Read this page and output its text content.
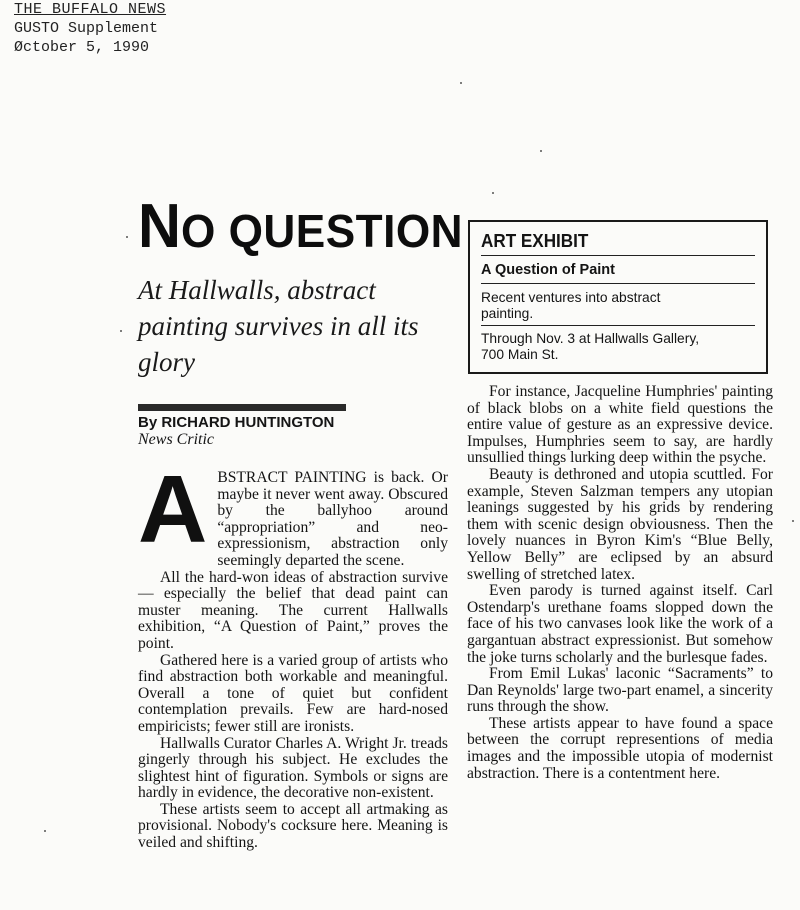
THE BUFFALO NEWS
GUSTO Supplement
Øctober 5, 1990
NO QUESTION
At Hallwalls, abstract painting survives in all its glory
By RICHARD HUNTINGTON
News Critic

ABSTRACT PAINTING is back. Or maybe it never went away. Obscured by the ballyhoo around “appropriation” and neo-expressionism, abstraction only seemingly departed the scene.

All the hard-won ideas of abstraction survive — especially the belief that dead paint can muster meaning. The current Hallwalls exhibition, “A Question of Paint,” proves the point.

Gathered here is a varied group of artists who find abstraction both workable and meaningful. Overall a tone of quiet but confident contemplation prevails. Few are hard-nosed empiricists; fewer still are ironists.

Hallwalls Curator Charles A. Wright Jr. treads gingerly through his subject. He excludes the slightest hint of figuration. Symbols or signs are hardly in evidence, the decorative non-existent.

These artists seem to accept all artmaking as provisional. Nobody's cocksure here. Meaning is veiled and shifting.

ART EXHIBIT
A Question of Paint
Recent ventures into abstract painting.
Through Nov. 3 at Hallwalls Gallery, 700 Main St.

For instance, Jacqueline Humphries' painting of black blobs on a white field questions the entire value of gesture as an expressive device. Impulses, Humphries seem to say, are hardly unsullied things lurking deep within the psyche.

Beauty is dethroned and utopia scuttled. For example, Steven Salzman tempers any utopian leanings suggested by his grids by rendering them with scenic design obviousness. Then the lovely nuances in Byron Kim's “Blue Belly, Yellow Belly” are eclipsed by an absurd swelling of stretched latex.

Even parody is turned against itself. Carl Ostendarp's urethane foams slopped down the face of his two canvases look like the work of a gargantuan abstract expressionist. But somehow the joke turns scholarly and the burlesque fades.

From Emil Lukas' laconic “Sacraments” to Dan Reynolds' large two-part enamel, a sincerity runs through the show.

These artists appear to have found a space between the corrupt representions of media images and the impossible utopia of modernist abstraction. There is a contentment here.
